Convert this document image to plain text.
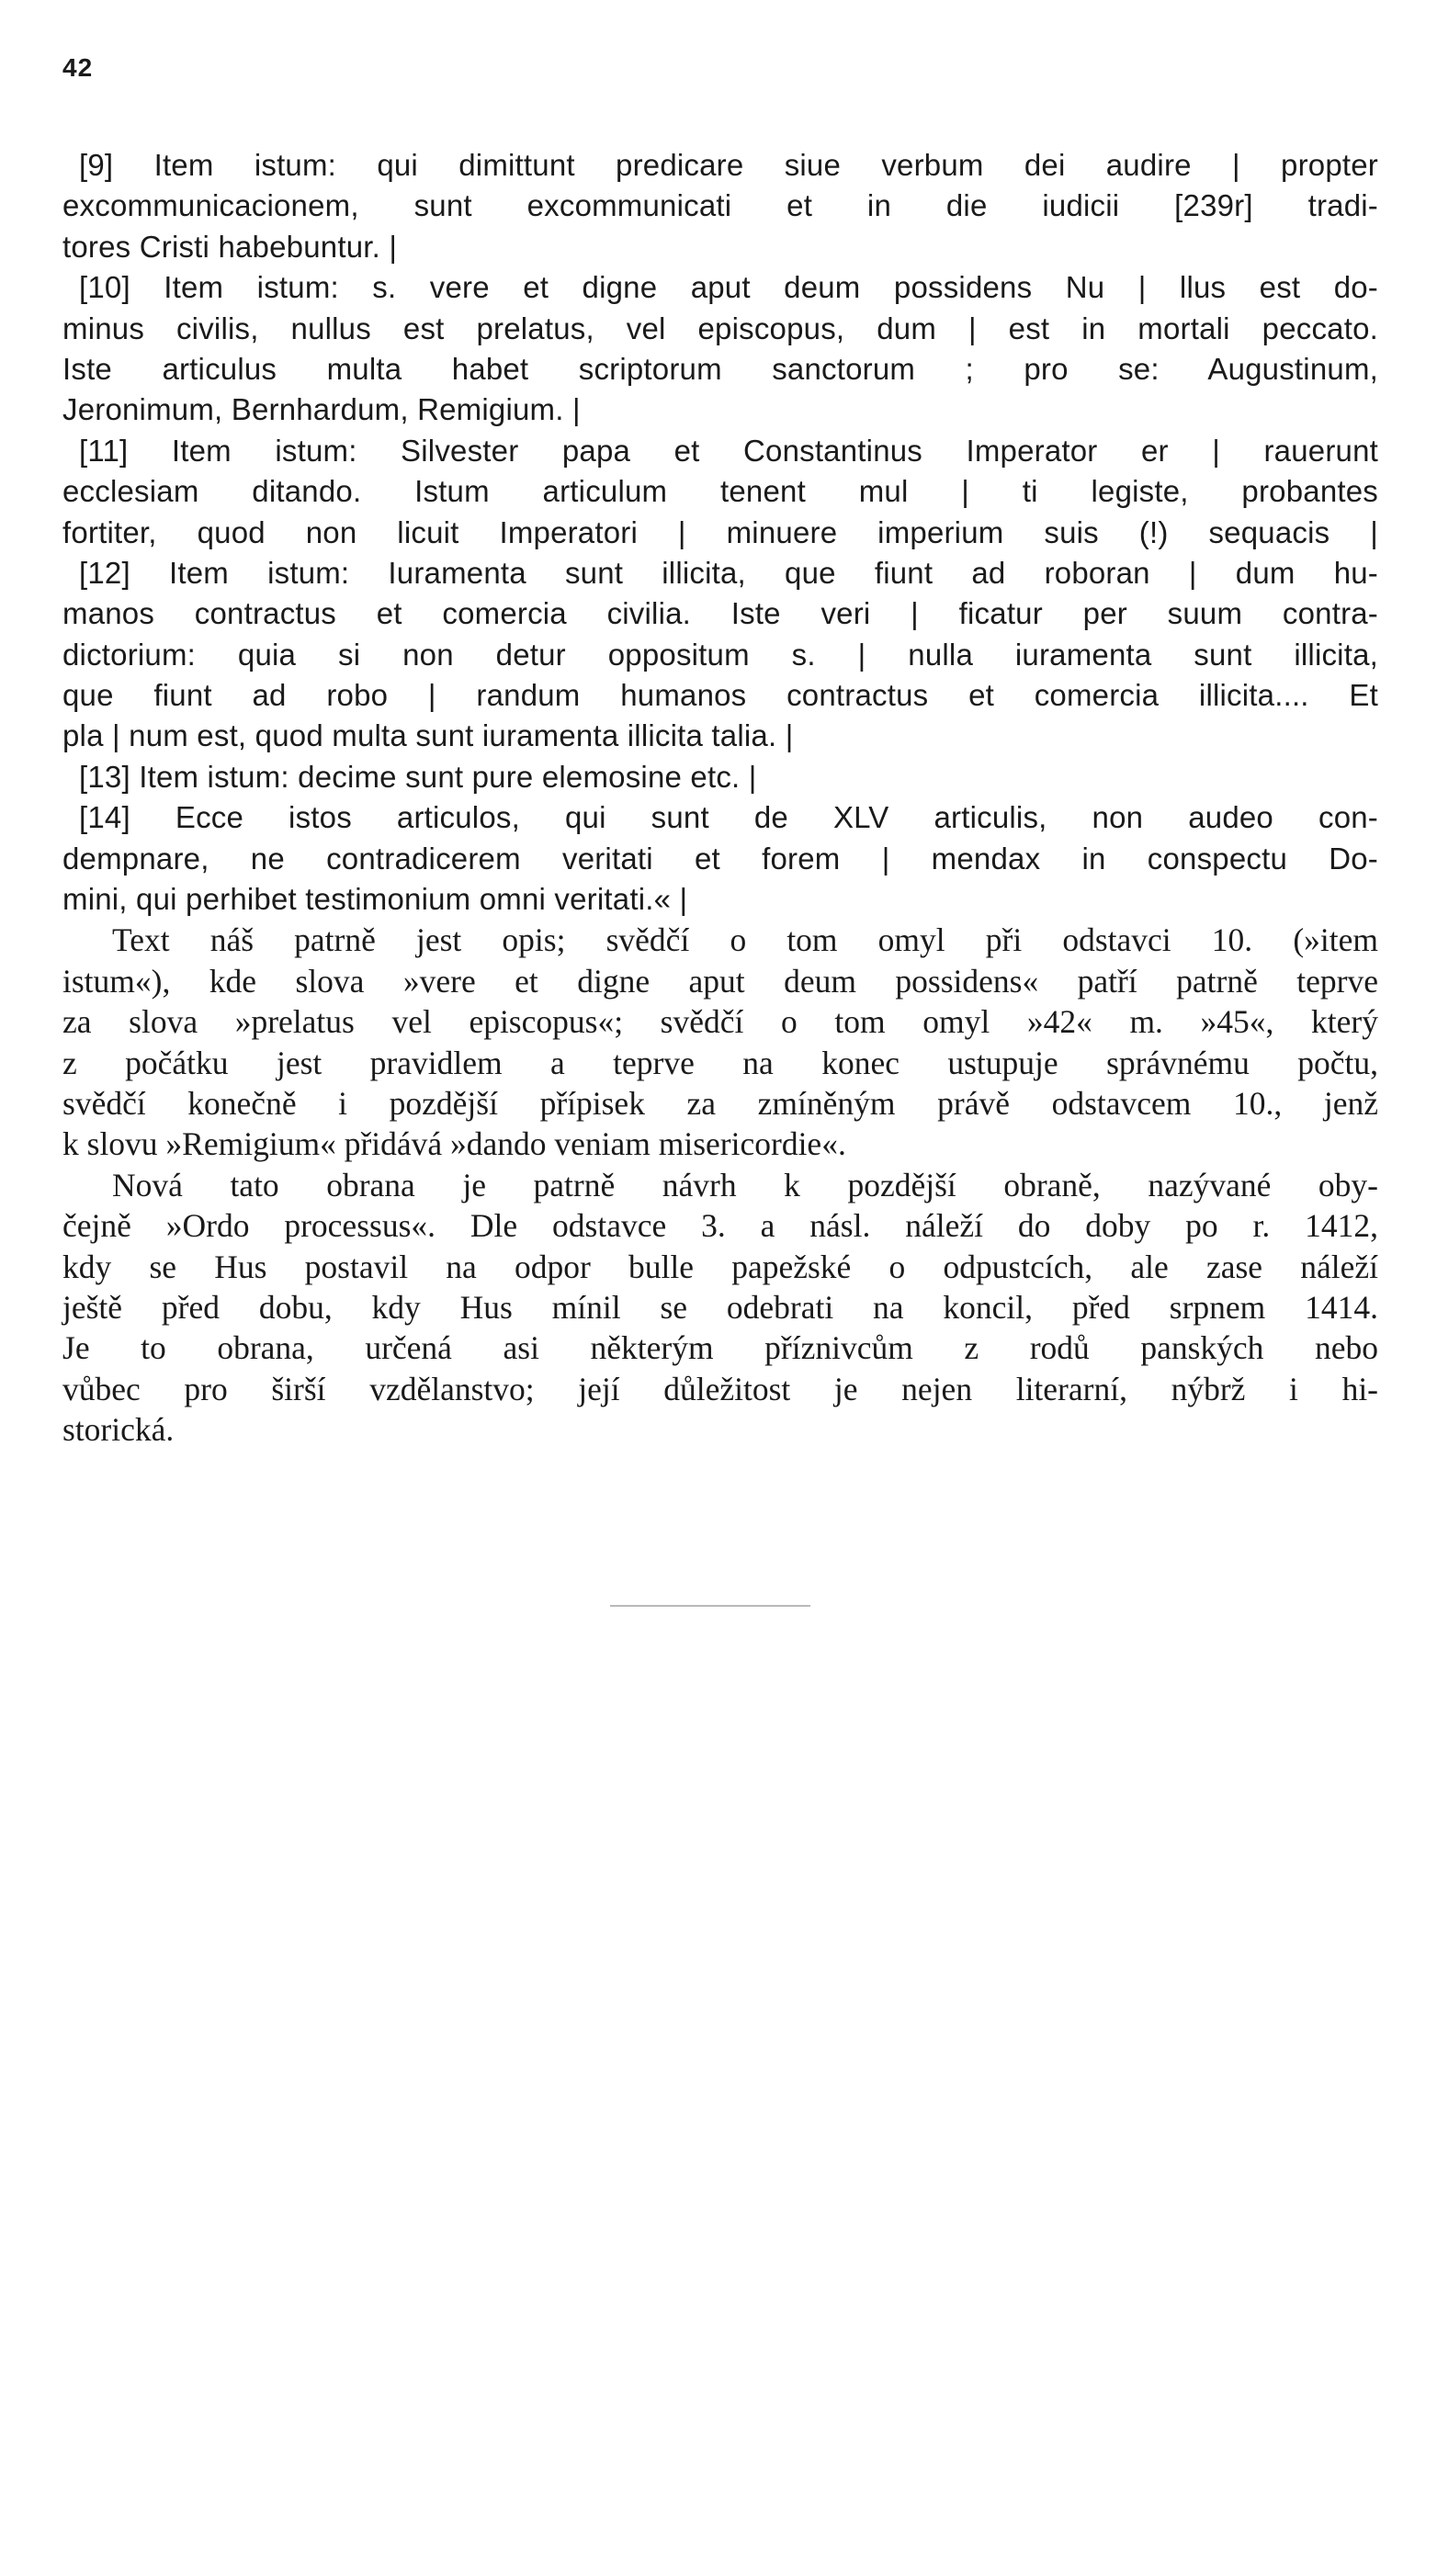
42
[9] Item istum: qui dimittunt predicare siue verbum dei audire | propter
excommunicacionem, sunt excommunicati et in die iudicii [239r] tradi-
tores Cristi habebuntur. |
[10] Item istum: s. vere et digne aput deum possidens Nu | llus est do-
minus civilis, nullus est prelatus, vel episcopus, dum | est in mortali peccato.
Iste articulus multa habet scriptorum sanctorum ; pro se: Augustinum,
Jeronimum, Bernhardum, Remigium. |
[11] Item istum: Silvester papa et Constantinus Imperator er | rauerunt
ecclesiam ditando. Istum articulum tenent mul | ti legiste, probantes
fortiter, quod non licuit Imperatori | minuere imperium suis (!) sequacis |
[12] Item istum: Iuramenta sunt illicita, que fiunt ad roboran | dum hu-
manos contractus et comercia civilia. Iste veri | ficatur per suum contra-
dictorium: quia si non detur oppositum s. | nulla iuramenta sunt illicita,
que fiunt ad robo | randum humanos contractus et comercia illicita.... Et
pla | num est, quod multa sunt iuramenta illicita talia. |
[13] Item istum: decime sunt pure elemosine etc. |
[14] Ecce istos articulos, qui sunt de XLV articulis, non audeo con-
dempnare, ne contradicerem veritati et forem | mendax in conspectu Do-
mini, qui perhibet testimonium omni veritati.« |
Text náš patrně jest opis; svědčí o tom omyl při odstavci 10. (»item
istum«), kde slova »vere et digne aput deum possidens« patří patrně teprve
za slova »prelatus vel episcopus«; svědčí o tom omyl »42« m. »45«, který
z počátku jest pravidlem a teprve na konec ustupuje správnému počtu,
svědčí konečně i pozdější přípisek za zmíněným právě odstavcem 10., jenž
k slovu »Remigium« přidává »dando veniam misericordie«.
Nová tato obrana je patrně návrh k pozdější obraně, nazývané oby-
čejně »Ordo processus«. Dle odstavce 3. a násl. náleží do doby po r. 1412,
kdy se Hus postavil na odpor bulle papežské o odpustcích, ale zase náleží
ještě před dobu, kdy Hus mínil se odebrati na koncil, před srpnem 1414.
Je to obrana, určená asi některým příznivcům z rodů panských nebo
vůbec pro širší vzdělanstvo; její důležitost je nejen literarní, nýbrž i hi-
storická.
